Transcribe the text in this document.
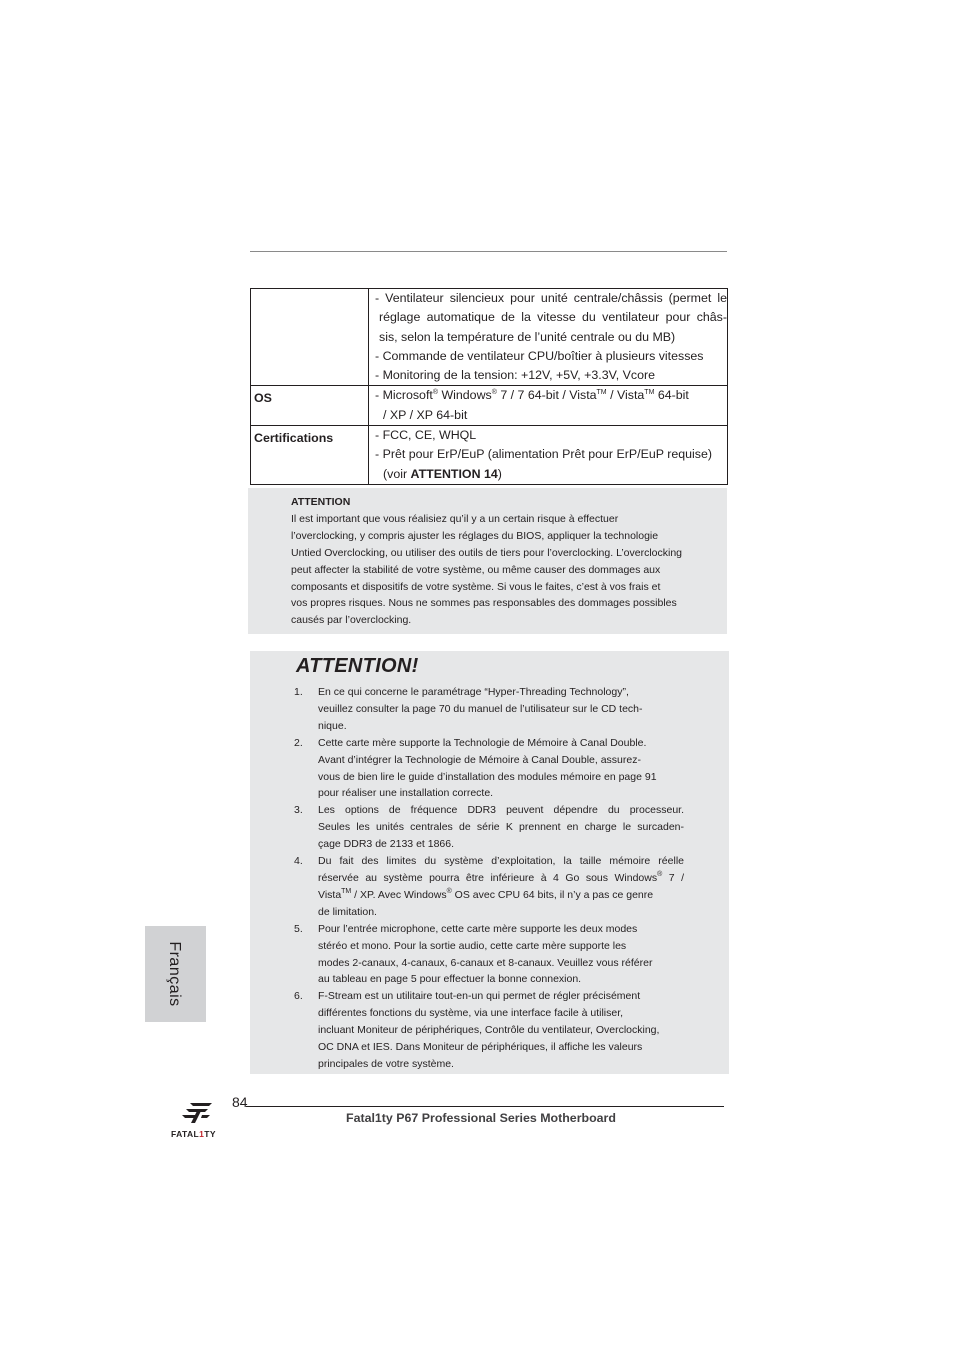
- Ventilateur silencieux pour unité centrale/châssis (permet le
réglage automatique de la vitesse du ventilateur pour châs-
sis, selon la température de l’unité centrale ou du MB)
- Commande de ventilateur CPU/boîtier à plusieurs vitesses
- Monitoring de la tension: +12V, +5V, +3.3V, Vcore
OS	- Microsoft® Windows® 7 / 7 64-bit / Vista™ / Vista™ 64-bit
/ XP / XP 64-bit
Certifications	- FCC, CE, WHQL
- Prêt pour ErP/EuP (alimentation Prêt pour ErP/EuP requise)
(voir ATTENTION 14)
ATTENTION
Il est important que vous réalisiez qu’il y a un certain risque à effectuer
l’overclocking, y compris ajuster les réglages du BIOS, appliquer la technologie
Untied Overclocking, ou utiliser des outils de tiers pour l’overclocking. L’overclocking
peut affecter la stabilité de votre système, ou même causer des dommages aux
composants et dispositifs de votre système. Si vous le faites, c’est à vos frais et
vos propres risques. Nous ne sommes pas responsables des dommages possibles
causés par l’overclocking.
ATTENTION!
1. En ce qui concerne le paramétrage “Hyper-Threading Technology”,
veuillez consulter la page 70 du manuel de l’utilisateur sur le CD tech-
nique.
2. Cette carte mère supporte la Technologie de Mémoire à Canal Double.
Avant d’intégrer la Technologie de Mémoire à Canal Double, assurez-
vous de bien lire le guide d’installation des modules mémoire en page 91
pour réaliser une installation correcte.
3. Les options de fréquence DDR3 peuvent dépendre du processeur.
Seules les unités centrales de série K prennent en charge le surcaden-
çage DDR3 de 2133 et 1866.
4. Du fait des limites du système d’exploitation, la taille mémoire réelle
réservée au système pourra être inférieure à 4 Go sous Windows® 7 /
Vista™ / XP. Avec Windows® OS avec CPU 64 bits, il n’y a pas ce genre
de limitation.
5. Pour l’entrée microphone, cette carte mère supporte les deux modes
stéréo et mono. Pour la sortie audio, cette carte mère supporte les
modes 2-canaux, 4-canaux, 6-canaux et 8-canaux. Veuillez vous référer
au tableau en page 5 pour effectuer la bonne connexion.
6. F-Stream est un utilitaire tout-en-un qui permet de régler précisément
différentes fonctions du système, via une interface facile à utiliser,
incluant Moniteur de périphériques, Contrôle du ventilateur, Overclocking,
OC DNA et IES. Dans Moniteur de périphériques, il affiche les valeurs
principales de votre système.
Français
84
Fatal1ty P67 Professional Series Motherboard
FATAL1TY
